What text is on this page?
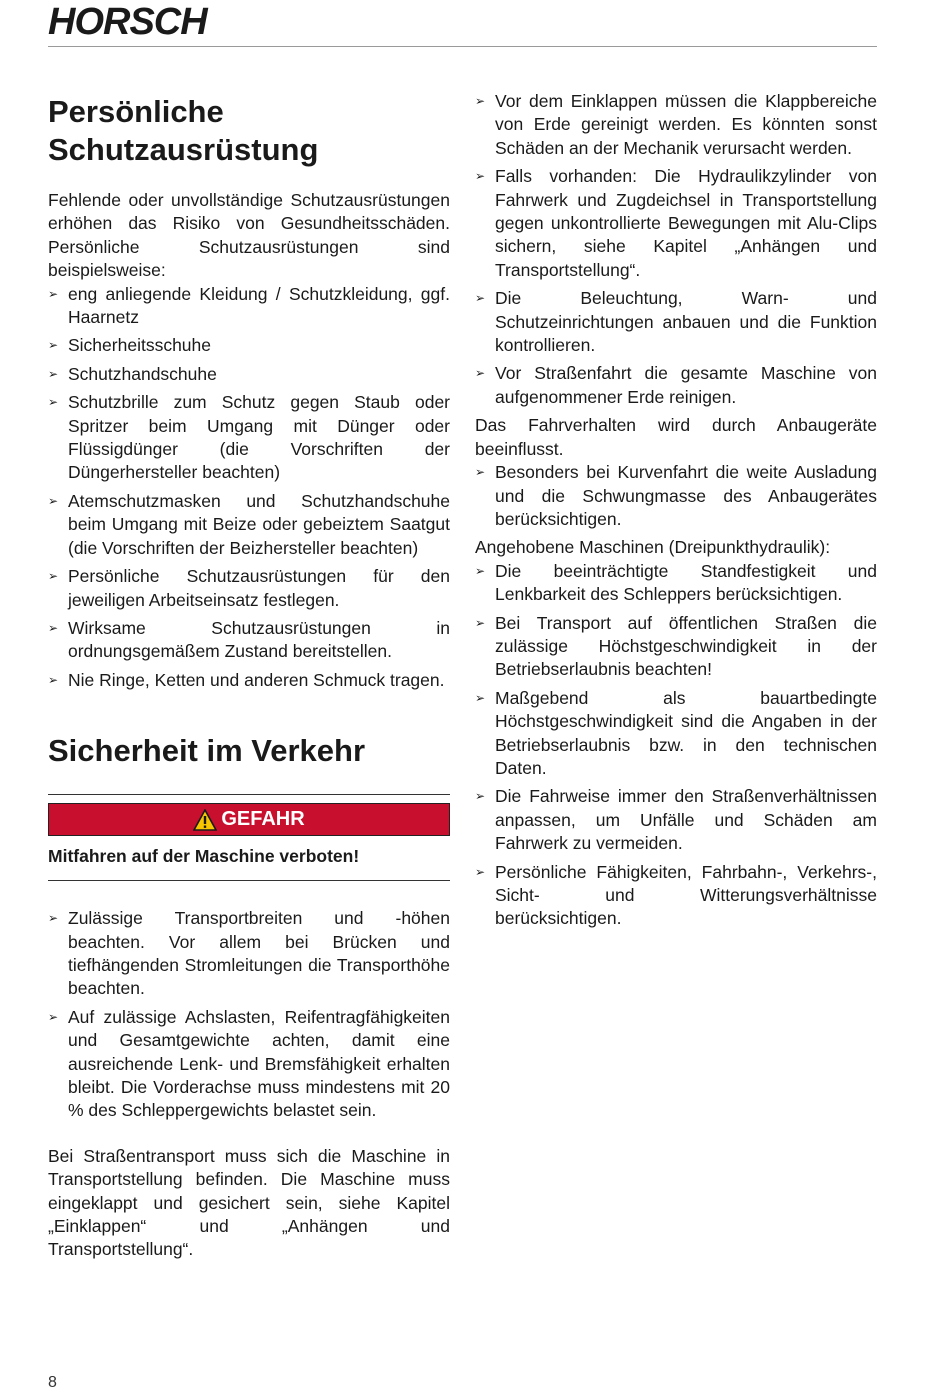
HORSCH
Persönliche Schutzausrüstung

Fehlende oder unvollständige Schutzausrüstungen erhöhen das Risiko von Gesundheitsschäden. Persönliche Schutzausrüstungen sind beispielsweise:

➢ eng anliegende Kleidung / Schutzkleidung, ggf. Haarnetz
➢ Sicherheitsschuhe
➢ Schutzhandschuhe
➢ Schutzbrille zum Schutz gegen Staub oder Spritzer beim Umgang mit Dünger oder Flüssigdünger (die Vorschriften der Düngerhersteller beachten)
➢ Atemschutzmasken und Schutzhandschuhe beim Umgang mit Beize oder gebeiztem Saatgut (die Vorschriften der Beizhersteller beachten)
➢ Persönliche Schutzausrüstungen für den jeweiligen Arbeitseinsatz festlegen.
➢ Wirksame Schutzausrüstungen in ordnungsgemäßem Zustand bereitstellen.
➢ Nie Ringe, Ketten und anderen Schmuck tragen.
Sicherheit im Verkehr
GEFAHR
Mitfahren auf der Maschine verboten!
➢ Zulässige Transportbreiten und -höhen beachten. Vor allem bei Brücken und tiefhängenden Stromleitungen die Transporthöhe beachten.
➢ Auf zulässige Achslasten, Reifentragfähigkeiten und Gesamtgewichte achten, damit eine ausreichende Lenk- und Bremsfähigkeit erhalten bleibt. Die Vorderachse muss mindestens mit 20 % des Schleppergewichts belastet sein.

Bei Straßentransport muss sich die Maschine in Transportstellung befinden. Die Maschine muss eingeklappt und gesichert sein, siehe Kapitel „Einklappen“ und „Anhängen und Transportstellung“.

➢ Vor dem Einklappen müssen die Klappbereiche von Erde gereinigt werden. Es könnten sonst Schäden an der Mechanik verursacht werden.
➢ Falls vorhanden: Die Hydraulikzylinder von Fahrwerk und Zugdeichsel in Transportstellung gegen unkontrollierte Bewegungen mit Alu-Clips sichern, siehe Kapitel „Anhängen und Transportstellung“.
➢ Die Beleuchtung, Warn- und Schutzeinrichtungen anbauen und die Funktion kontrollieren.
➢ Vor Straßenfahrt die gesamte Maschine von aufgenommener Erde reinigen.

Das Fahrverhalten wird durch Anbaugeräte beeinflusst.

➢ Besonders bei Kurvenfahrt die weite Ausladung und die Schwungmasse des Anbaugerätes berücksichtigen.

Angehobene Maschinen (Dreipunkthydraulik):

➢ Die beeinträchtigte Standfestigkeit und Lenkbarkeit des Schleppers berücksichtigen.
➢ Bei Transport auf öffentlichen Straßen die zulässige Höchstgeschwindigkeit in der Betriebserlaubnis beachten!
➢ Maßgebend als bauartbedingte Höchstgeschwindigkeit sind die Angaben in der Betriebserlaubnis bzw. in den technischen Daten.
➢ Die Fahrweise immer den Straßenverhältnissen anpassen, um Unfälle und Schäden am Fahrwerk zu vermeiden.
➢ Persönliche Fähigkeiten, Fahrbahn-, Verkehrs-, Sicht- und Witterungsverhältnisse berücksichtigen.
8
